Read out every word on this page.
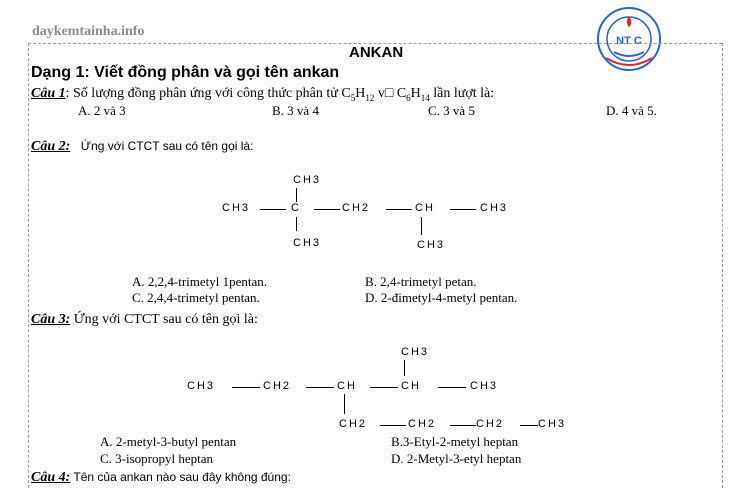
daykemtainha.info
NT C
ANKAN
Dạng 1: Viết đồng phân và gọi tên ankan
Câu 1: Số lượng đồng phân ứng với công thức phân tử $C_5H_{12}$ v□ $C_6H_{14}$ lần lượt là:
A. 2 và 3	B. 3 và 4	C. 3 và 5	D. 4 và 5.
Câu 2: Ứng với CTCT sau có tên gọi là:
CH3
CH3	C	CH2	CH	CH3
CH3	CH3
A. 2,2,4-trimetyl 1pentan.	B. 2,4-trimetyl petan.
C. 2,4,4-trimetyl pentan.	D. 2-đimetyl-4-metyl pentan.
Câu 3: Ứng với CTCT sau có tên gọi là:
CH3
CH3	CH2	CH	CH	CH3
CH2	CH2	CH2	CH3
A. 2-metyl-3-butyl pentan	B.3-Etyl-2-metyl heptan
C. 3-isopropyl heptan	D. 2-Metyl-3-etyl heptan
Câu 4: Tên của ankan nào sau đây không đúng:
